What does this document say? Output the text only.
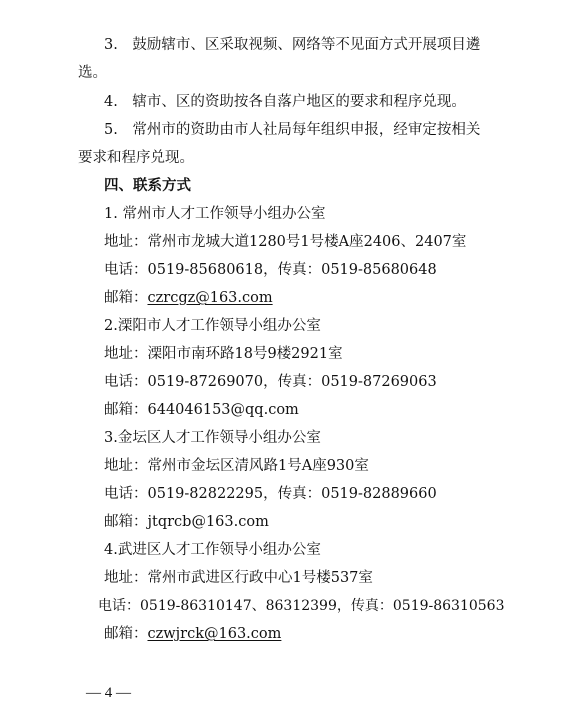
3.　鼓励辖市、区采取视频、网络等不见面方式开展项目遴
选。
4.　辖市、区的资助按各自落户地区的要求和程序兑现。
5.　常州市的资助由市人社局每年组织申报，经审定按相关
要求和程序兑现。
四、联系方式
1. 常州市人才工作领导小组办公室
地址：常州市龙城大道1280号1号楼A座2406、2407室
电话：0519-85680618，传真：0519-85680648
邮箱：czrcgz@163.com
2.溧阳市人才工作领导小组办公室
地址：溧阳市南环路18号9楼2921室
电话：0519-87269070，传真：0519-87269063
邮箱：644046153@qq.com
3.金坛区人才工作领导小组办公室
地址：常州市金坛区清风路1号A座930室
电话：0519-82822295，传真：0519-82889660
邮箱：jtqrcb@163.com
4.武进区人才工作领导小组办公室
地址：常州市武进区行政中心1号楼537室
电话：0519-86310147、86312399，传真：0519-86310563
邮箱：czwjrck@163.com
— 4 —
